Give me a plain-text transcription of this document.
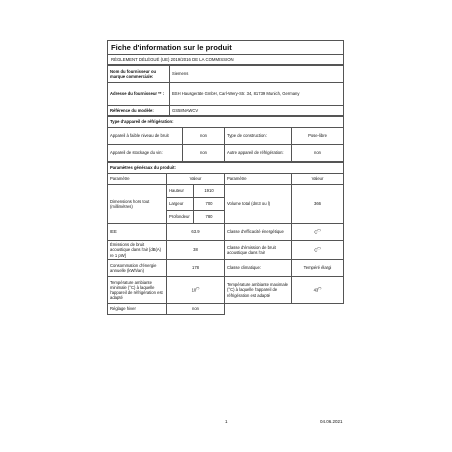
Fiche d'information sur le produit
RÈGLEMENT DÉLÉGUÉ (UE) 2019/2016 DE LA COMMISSION
Nom du fournisseur ou marque commerciale:	Siemens
Adresse du fournisseur ** :	BSH Hausgeräte GmbH, Carl-Wery-Str. 34, 81739 Munich, Germany
Référence du modèle:	GS58NAWCV
Type d'appareil de réfrigération:			
Appareil à faible niveau de bruit	non	Type de construction:	Pose-libre
Appareil de stockage du vin:	non	Autre appareil de réfrigération:	non
Paramètres généraux du produit:				
Paramètre	Valeur		Paramètre	Valeur
Dimensions hors tout (millimètres)	Hauteur	1910	Volume total (dm3 ou l)	366
	Largeur	700		
	Profondeur	780		
IEE	63.9		Classe d'efficacité énergétique	C(*)
Émissions de bruit acoustique dans l'air [dB(A) re 1 pW]	38		Classe d'émission de bruit acoustique dans l'air	C(*)
Consommation d'énergie annuelle (kWh/an)	178		Classe climatique:	Tempéré élargi
Température ambiante minimale (°C) à laquelle l'appareil de réfrigération est adapté	10(*)		Température ambiante maximale (°C) à laquelle l'appareil de réfrigération est adapté	43(*)
Réglage hiver	non			
1	04.06.2021
